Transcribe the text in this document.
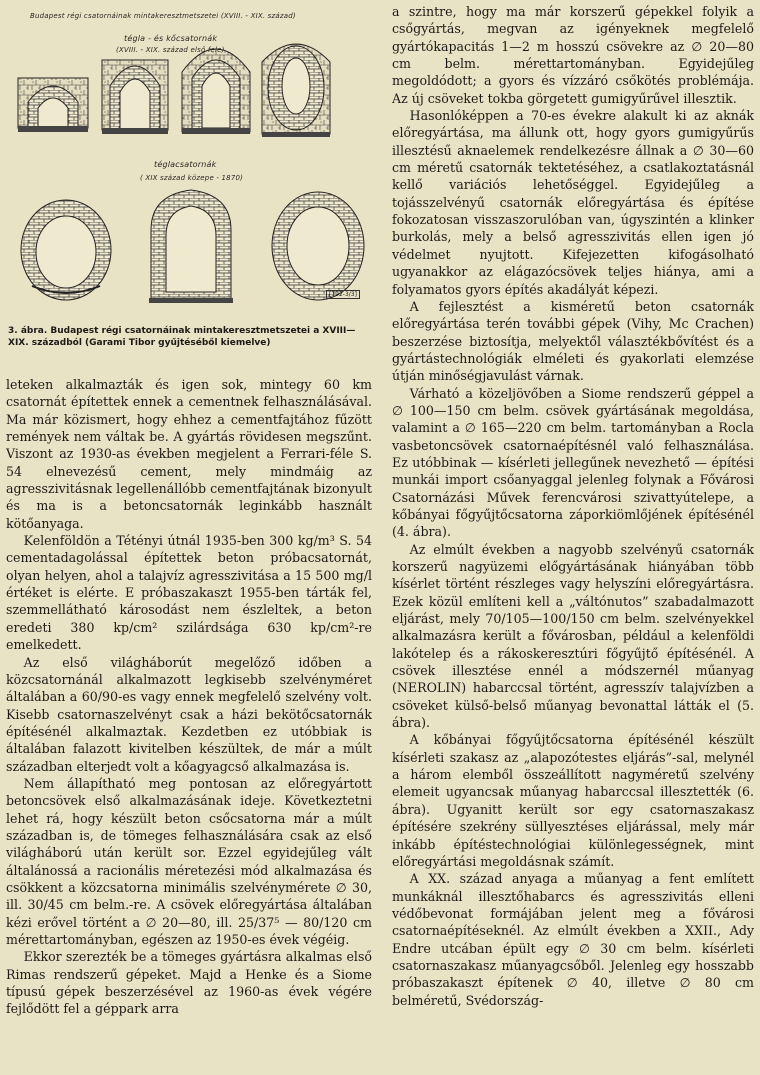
Budapest régi csatornáinak mintakeresztmetszetei (XVIII. - XIX. század)
tégla - és kőcsatornák
(XVIII. - XIX. század első fele)
téglacsatornák
( XIX század közepe - 1870)
[192-3/3]
3. ábra. Budapest régi csatornáinak mintakeresztmetszetei a XVIII—XIX. századból (Garami Tibor gyűjtéséből kiemelve)

leteken alkalmazták és igen sok, mintegy 60 km csatornát építettek ennek a cementnek felhasználásával. Ma már közismert, hogy ehhez a cementfajtához fűzött remények nem váltak be. A gyártás rövidesen megszűnt. Viszont az 1930-as években megjelent a Ferrari-féle S. 54 elnevezésű cement, mely mindmáig az agresszivitásnak legellenállóbb cementfajtának bizonyult és ma is a betoncsatornák leginkább használt kötőanyaga.

Kelenföldön a Tétényi útnál 1935-ben 300 kg/m³ S. 54 cementadagolással építettek beton próbacsatornát, olyan helyen, ahol a talajvíz agresszivitása a 15 500 mg/l értéket is elérte. E próbaszakaszt 1955-ben tárták fel, szemmellátható károsodást nem észleltek, a beton eredeti 380 kp/cm² szilárdsága 630 kp/cm²-re emelkedett.

Az első világháborút megelőző időben a közcsatornánál alkalmazott legkisebb szelvényméret általában a 60/90-es vagy ennek megfelelő szelvény volt. Kisebb csatornaszelvényt csak a házi bekötőcsatornák építésénél alkalmaztak. Kezdetben ez utóbbiak is általában falazott kivitelben készültek, de már a múlt században elterjedt volt a kőagyagcső alkalmazása is.

Nem állapítható meg pontosan az előregyártott betoncsövek első alkalmazásának ideje. Következtetni lehet rá, hogy készült beton csőcsatorna már a múlt században is, de tömeges felhasználására csak az első világháború után került sor. Ezzel egyidejűleg vált általánossá a racionális méretezési mód alkalmazása és csökkent a közcsatorna minimális szelvénymérete ∅ 30, ill. 30/45 cm belm.-re. A csövek előregyártása általában kézi erővel történt a ∅ 20—80, ill. 25/37⁵ — 80/120 cm mérettartományban, egészen az 1950-es évek végéig.

Ekkor szerezték be a tömeges gyártásra alkalmas első Rimas rendszerű gépeket. Majd a Henke és a Siome típusú gépek beszerzésével az 1960-as évek végére fejlődött fel a géppark arra

a szintre, hogy ma már korszerű gépekkel folyik a csőgyártás, megvan az igényeknek megfelelő gyártókapacitás 1—2 m hosszú csövekre az ∅ 20—80 cm belm. mérettartományban. Egyidejűleg megoldódott; a gyors és vízzáró csőkötés problémája. Az új csöveket tokba görgetett gumigyűrűvel illesztik.

Hasonlóképpen a 70-es évekre alakult ki az aknák előregyártása, ma állunk ott, hogy gyors gumigyűrűs illesztésű aknaelemek rendelkezésre állnak a ∅ 30—60 cm méretű csatornák tektetéséhez, a csatlakoztatásnál kellő variációs lehetőséggel. Egyidejűleg a tojásszelvényű csatornák előregyártása és építése fokozatosan visszaszorulóban van, úgyszintén a klinker burkolás, mely a belső agresszivitás ellen igen jó védelmet nyujtott. Kifejezetten kifogásolható ugyanakkor az elágazócsövek teljes hiánya, ami a folyamatos gyors építés akadályát képezi.

A fejlesztést a kisméretű beton csatornák előregyártása terén további gépek (Vihy, Mc Crachen) beszerzése biztosítja, melyektől választékbővítést és a gyártástechnológiák elméleti és gyakorlati elemzése útján minőségjavulást várnak.

Várható a közeljövőben a Siome rendszerű géppel a ∅ 100—150 cm belm. csövek gyártásának megoldása, valamint a ∅ 165—220 cm belm. tartományban a Rocla vasbetoncsövek csatornaépítésnél való felhasználása. Ez utóbbinak — kísérleti jellegűnek nevezhető — építési munkái import csőanyaggal jelenleg folynak a Fővárosi Csatornázási Művek ferencvárosi szivattyútelepe, a kőbányai főgyűjtőcsatorna záporkiömlőjének építésénél (4. ábra).

Az elmúlt években a nagyobb szelvényű csatornák korszerű nagyüzemi előgyártásának hiányában több kísérlet történt részleges vagy helyszíni előregyártásra. Ezek közül említeni kell a „váltónutos” szabadalmazott eljárást, mely 70/105—100/150 cm belm. szelvényekkel alkalmazásra került a fővárosban, például a kelenföldi lakótelep és a rákoskeresztúri főgyűjtő építésénél. A csövek illesztése ennél a módszernél műanyag (NEROLIN) habarccsal történt, agresszív talajvízben a csöveket külső-belső műanyag bevonattal látták el (5. ábra).

A kőbányai főgyűjtőcsatorna építésénél készült kísérleti szakasz az „alapozótestes eljárás”-sal, melynél a három elemből összeállított nagyméretű szelvény elemeit ugyancsak műanyag habarccsal illesztették (6. ábra). Ugyanitt került sor egy csatornaszakasz építésére szekrény süllyesztéses eljárással, mely már inkább építéstechnológiai különlegességnek, mint előregyártási megoldásnak számít.

A XX. század anyaga a műanyag a fent említett munkáknál illesztőhabarcs és agresszivitás elleni védőbevonat formájában jelent meg a fővárosi csatornaépítéseknél. Az elmúlt években a XXII., Ady Endre utcában épült egy ∅ 30 cm belm. kísérleti csatornaszakasz műanyagcsőből. Jelenleg egy hosszabb próbaszakaszt építenek ∅ 40, illetve ∅ 80 cm belméretű, Svédország-
